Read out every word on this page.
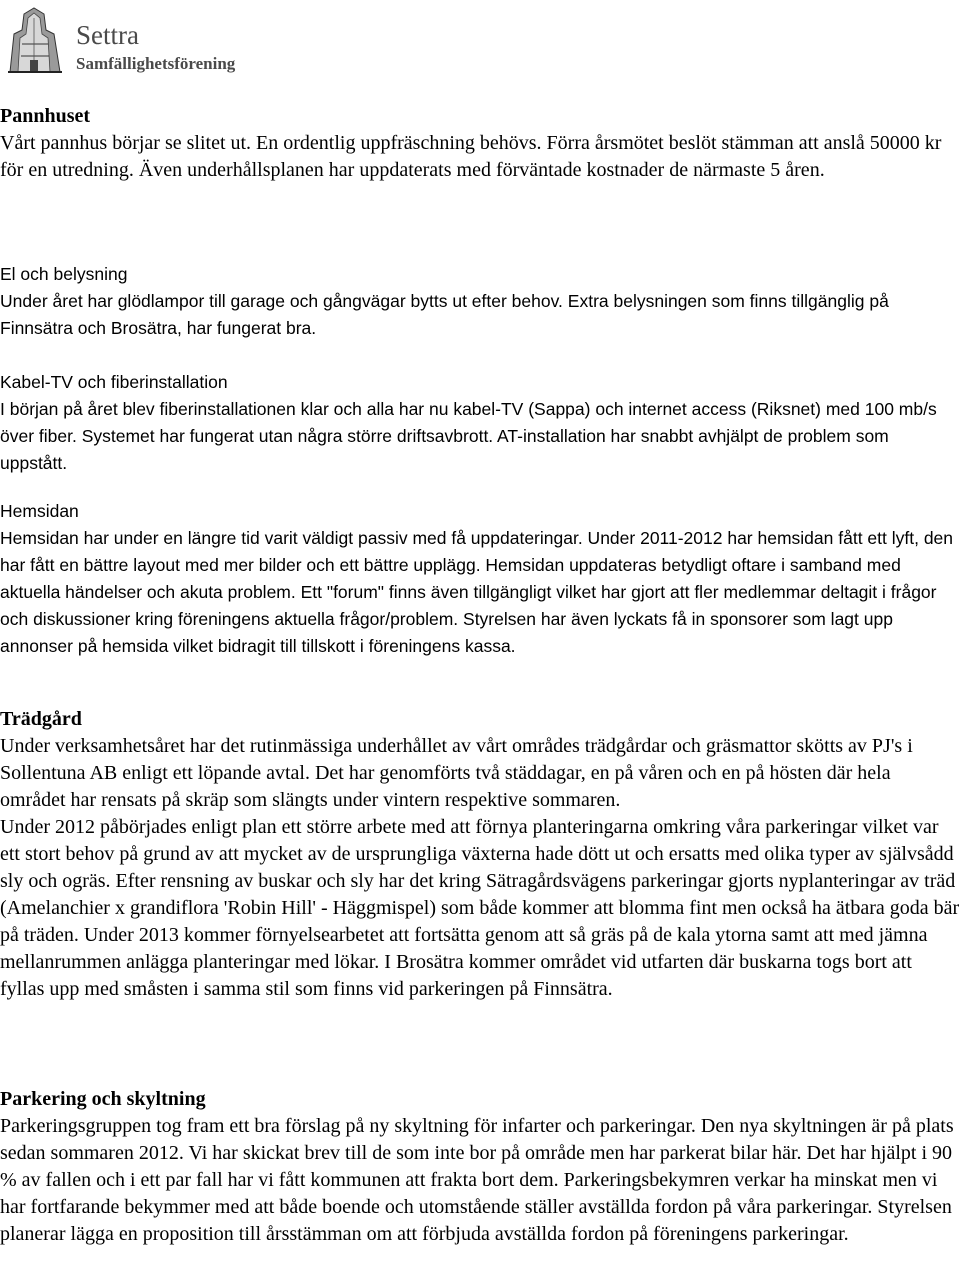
Settra
Samfällighetsförening
Pannhuset

Vårt pannhus börjar se slitet ut. En ordentlig uppfräschning behövs. Förra årsmötet beslöt stämman att anslå 50000 kr för en utredning. Även underhållsplanen har uppdaterats med förväntade kostnader de närmaste 5 åren.

El och belysning

Under året har glödlampor till garage och gångvägar bytts ut efter behov. Extra belysningen som finns tillgänglig på Finnsätra och Brosätra, har fungerat bra.

Kabel-TV och fiberinstallation

I början på året blev fiberinstallationen klar och alla har nu kabel-TV (Sappa) och internet access (Riksnet) med 100 mb/s över fiber. Systemet har fungerat utan några större driftsavbrott. AT-installation har snabbt avhjälpt de problem som uppstått.

Hemsidan

Hemsidan har under en längre tid varit väldigt passiv med få uppdateringar. Under 2011-2012 har hemsidan fått ett lyft, den har fått en bättre layout med mer bilder och ett bättre upplägg. Hemsidan uppdateras betydligt oftare i samband med aktuella händelser och akuta problem. Ett "forum" finns även tillgängligt vilket har gjort att fler medlemmar deltagit i frågor och diskussioner kring föreningens aktuella frågor/problem. Styrelsen har även lyckats få in sponsorer som lagt upp annonser på hemsida vilket bidragit till tillskott i föreningens kassa.

Trädgård

Under verksamhetsåret har det rutinmässiga underhållet av vårt områdes trädgårdar och gräsmattor skötts av PJ's i Sollentuna AB enligt ett löpande avtal. Det har genomförts två städdagar, en på våren och en på hösten där hela området har rensats på skräp som slängts under vintern respektive sommaren.

Under 2012 påbörjades enligt plan ett större arbete med att förnya planteringarna omkring våra parkeringar vilket var ett stort behov på grund av att mycket av de ursprungliga växterna hade dött ut och ersatts med olika typer av självsådd sly och ogräs. Efter rensning av buskar och sly har det kring Sätragårdsvägens parkeringar gjorts nyplanteringar av träd (Amelanchier x grandiflora 'Robin Hill' - Häggmispel) som både kommer att blomma fint men också ha ätbara goda bär på träden. Under 2013 kommer förnyelsearbetet att fortsätta genom att så gräs på de kala ytorna samt att med jämna mellanrummen anlägga planteringar med lökar. I Brosätra kommer området vid utfarten där buskarna togs bort att fyllas upp med småsten i samma stil som finns vid parkeringen på Finnsätra.

Parkering och skyltning

Parkeringsgruppen tog fram ett bra förslag på ny skyltning för infarter och parkeringar. Den nya skyltningen är på plats sedan sommaren 2012. Vi har skickat brev till de som inte bor på område men har parkerat bilar här. Det har hjälpt i 90 % av fallen och i ett par fall har vi fått kommunen att frakta bort dem. Parkeringsbekymren verkar ha minskat men vi har fortfarande bekymmer med att både boende och utomstående ställer avställda fordon på våra parkeringar. Styrelsen planerar lägga en proposition till årsstämman om att förbjuda avställda fordon på föreningens parkeringar.
